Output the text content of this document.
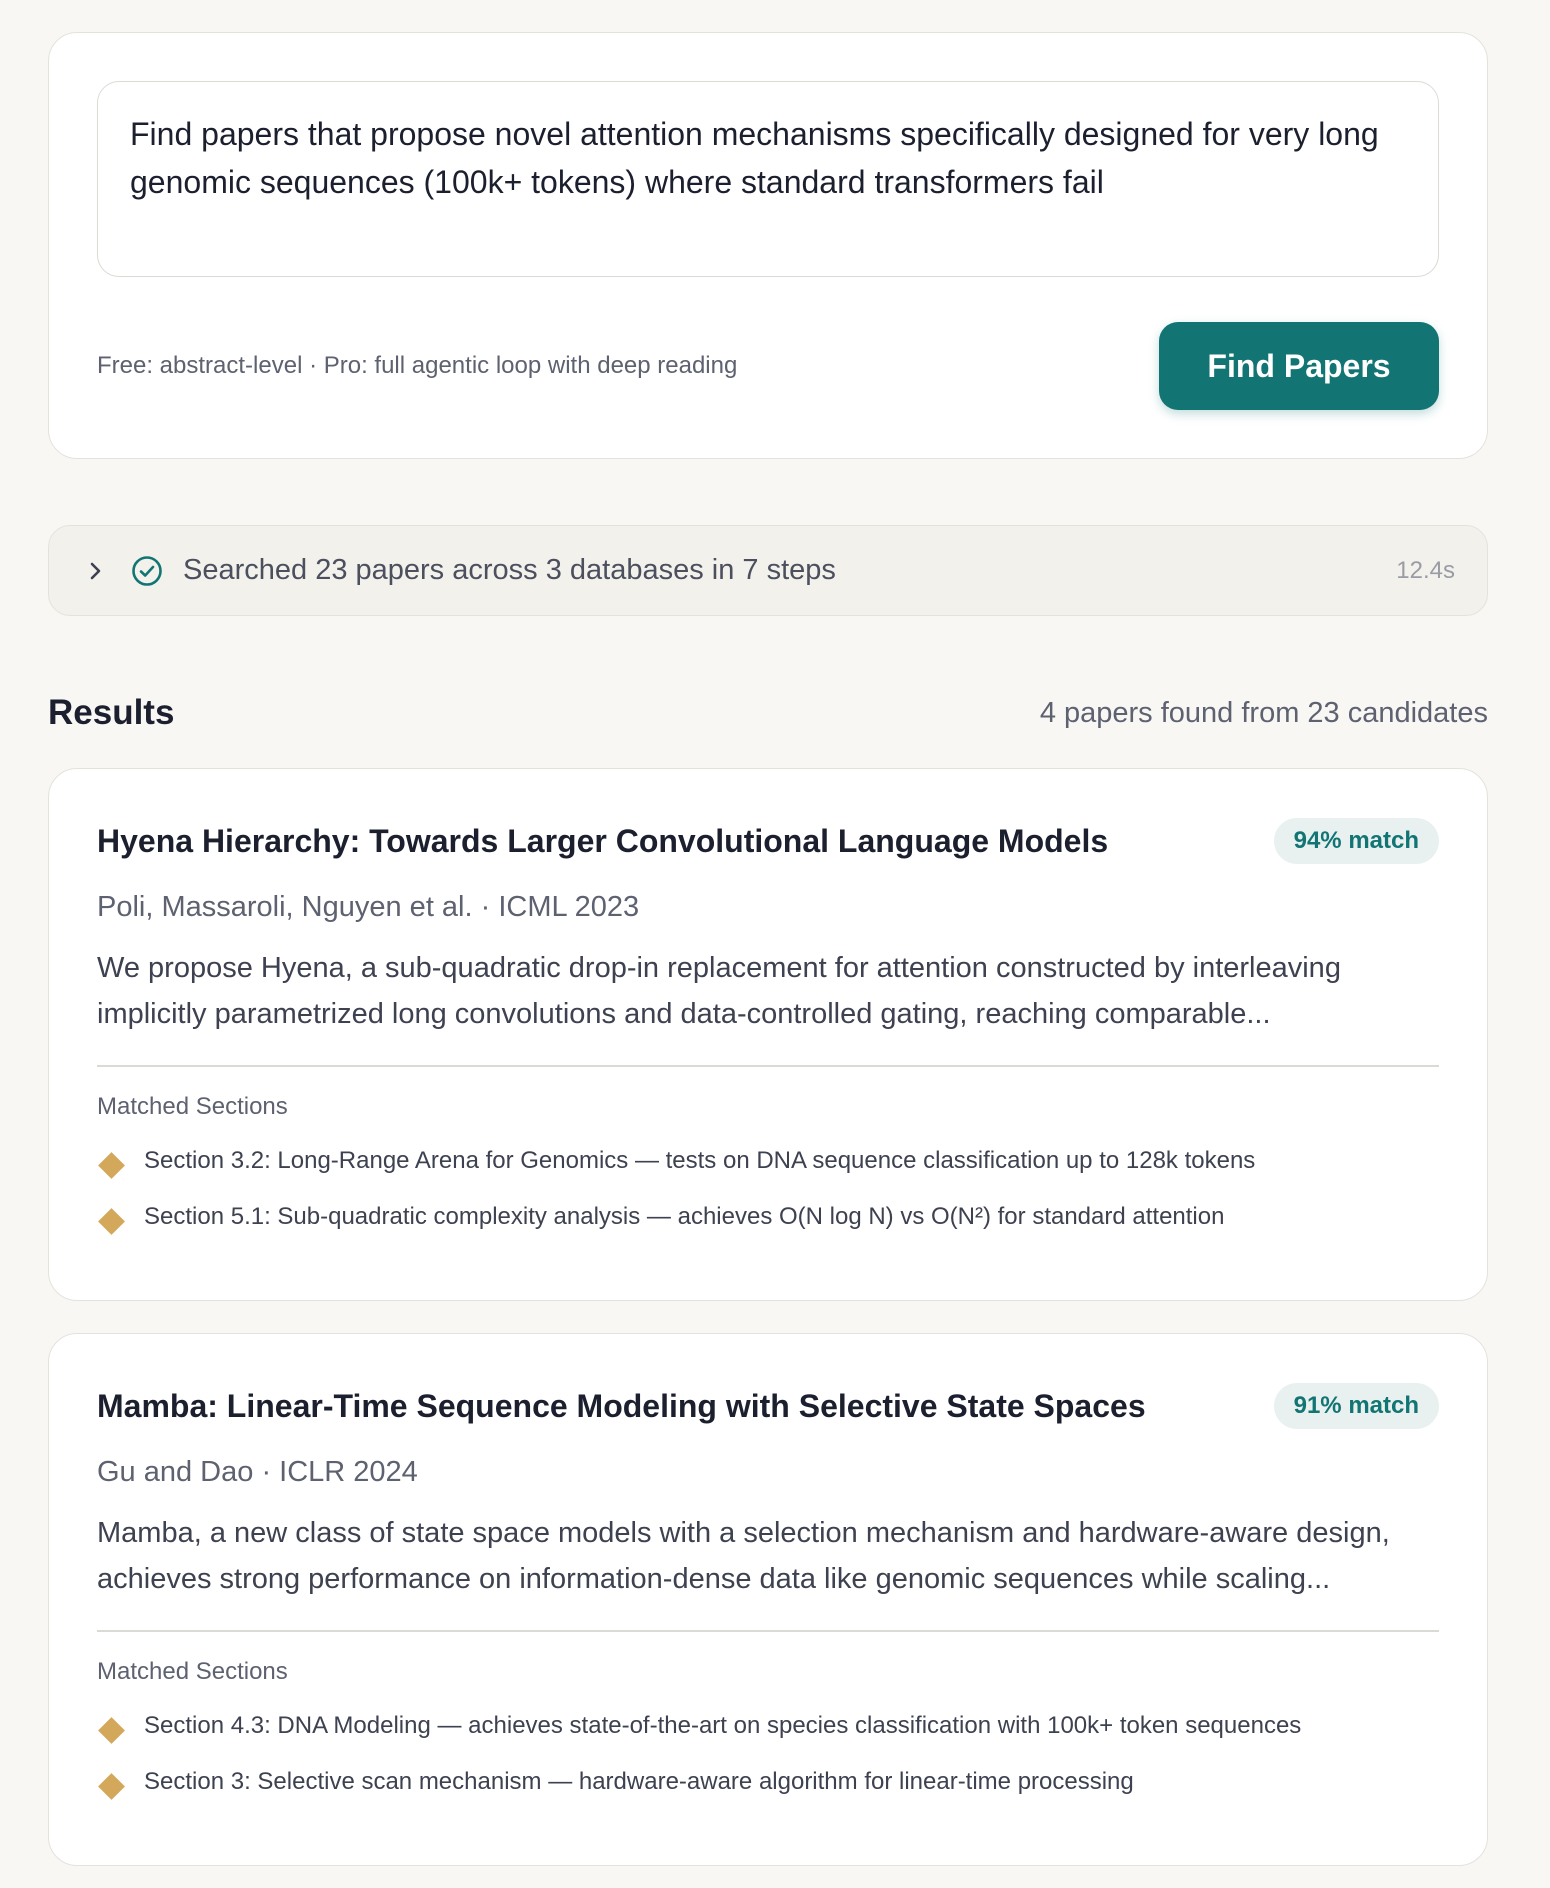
Find papers that propose novel attention mechanisms specifically designed for very long genomic sequences (100k+ tokens) where standard transformers fail
Free: abstract-level · Pro: full agentic loop with deep reading	Find Papers
Searched 23 papers across 3 databases in 7 steps	12.4s
Results	4 papers found from 23 candidates
Hyena Hierarchy: Towards Larger Convolutional Language Models	94% match
Poli, Massaroli, Nguyen et al. · ICML 2023

We propose Hyena, a sub-quadratic drop-in replacement for attention constructed by interleaving implicitly parametrized long convolutions and data-controlled gating, reaching comparable...

Matched Sections
Section 3.2: Long-Range Arena for Genomics — tests on DNA sequence classification up to 128k tokens
Section 5.1: Sub-quadratic complexity analysis — achieves O(N log N) vs O(N²) for standard attention
Mamba: Linear-Time Sequence Modeling with Selective State Spaces	91% match
Gu and Dao · ICLR 2024

Mamba, a new class of state space models with a selection mechanism and hardware-aware design, achieves strong performance on information-dense data like genomic sequences while scaling...

Matched Sections
Section 4.3: DNA Modeling — achieves state-of-the-art on species classification with 100k+ token sequences
Section 3: Selective scan mechanism — hardware-aware algorithm for linear-time processing
